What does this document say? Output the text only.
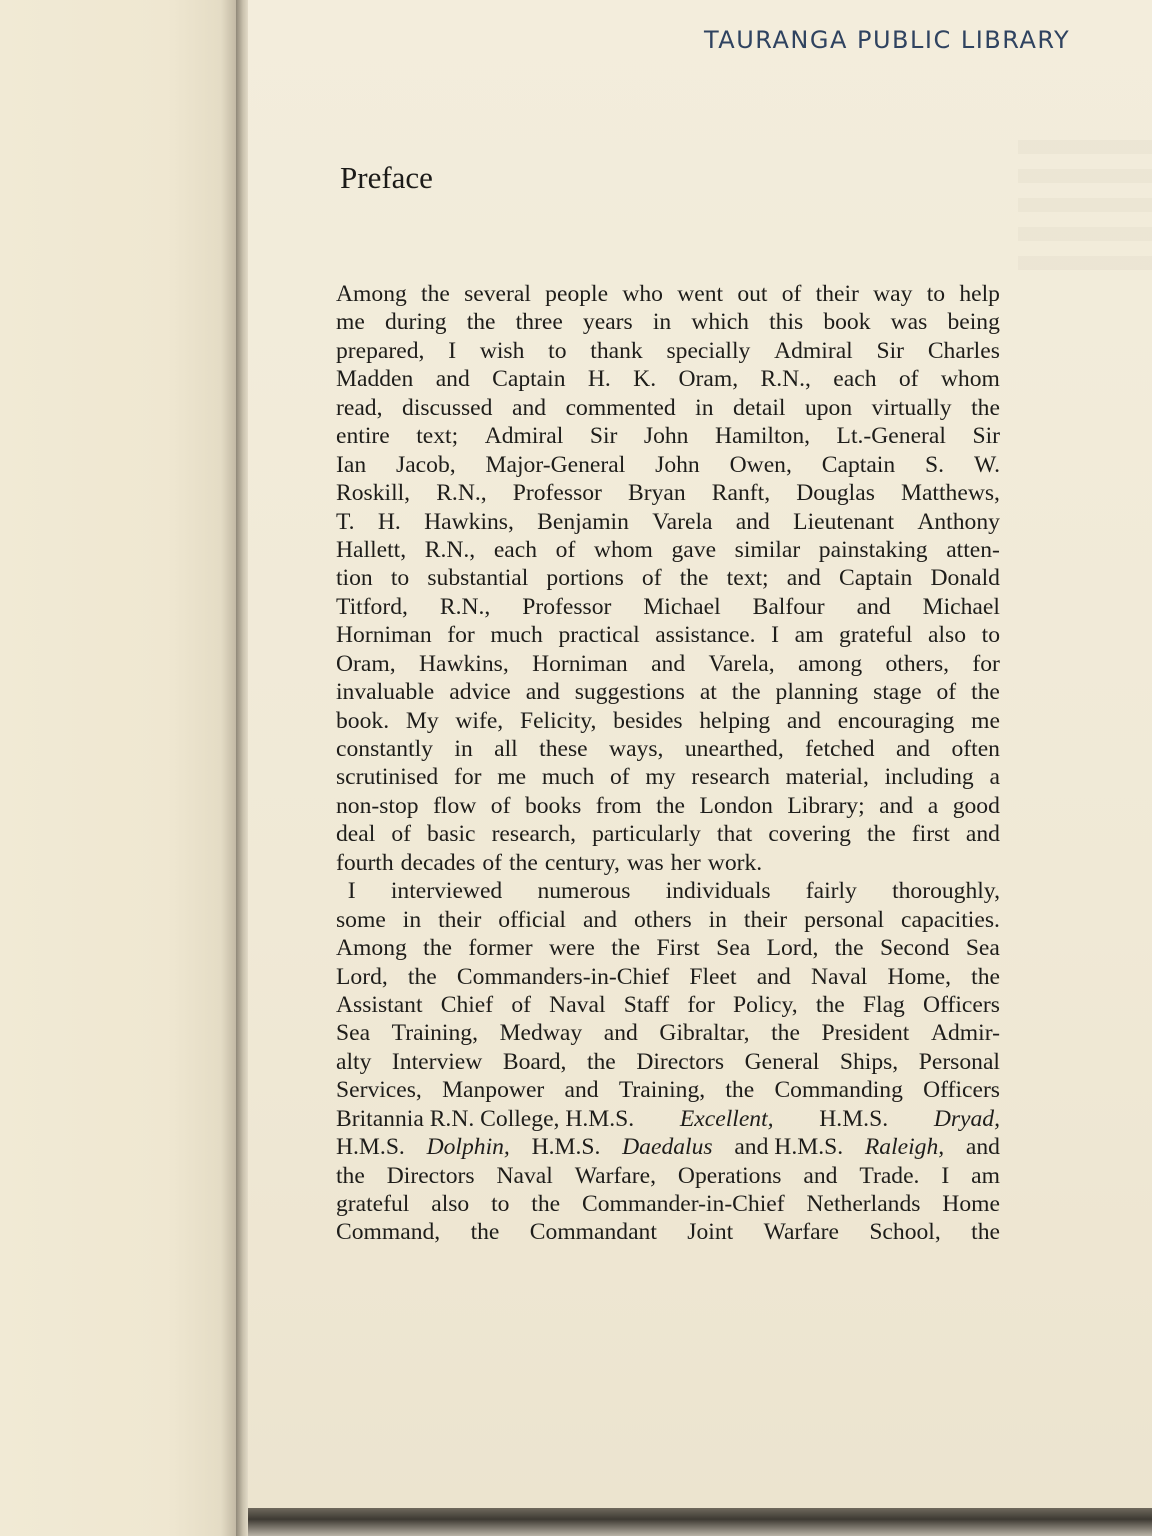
TAURANGA PUBLIC LIBRARY
Preface
Among the several people who went out of their way to help
me during the three years in which this book was being
prepared, I wish to thank specially Admiral Sir Charles
Madden and Captain H. K. Oram, R.N., each of whom
read, discussed and commented in detail upon virtually the
entire text; Admiral Sir John Hamilton, Lt.-General Sir
Ian Jacob, Major-General John Owen, Captain S. W.
Roskill, R.N., Professor Bryan Ranft, Douglas Matthews,
T. H. Hawkins, Benjamin Varela and Lieutenant Anthony
Hallett, R.N., each of whom gave similar painstaking atten-
tion to substantial portions of the text; and Captain Donald
Titford, R.N., Professor Michael Balfour and Michael
Horniman for much practical assistance. I am grateful also to
Oram, Hawkins, Horniman and Varela, among others, for
invaluable advice and suggestions at the planning stage of the
book. My wife, Felicity, besides helping and encouraging me
constantly in all these ways, unearthed, fetched and often
scrutinised for me much of my research material, including a
non-stop flow of books from the London Library; and a good
deal of basic research, particularly that covering the first and
fourth decades of the century, was her work.
I interviewed numerous individuals fairly thoroughly,
some in their official and others in their personal capacities.
Among the former were the First Sea Lord, the Second Sea
Lord, the Commanders-in-Chief Fleet and Naval Home, the
Assistant Chief of Naval Staff for Policy, the Flag Officers
Sea Training, Medway and Gibraltar, the President Admir-
alty Interview Board, the Directors General Ships, Personal
Services, Manpower and Training, the Commanding Officers
Britannia R.N. College, H.M.S. Excellent, H.M.S. Dryad,
H.M.S. Dolphin, H.M.S. Daedalus and H.M.S. Raleigh, and
the Directors Naval Warfare, Operations and Trade. I am
grateful also to the Commander-in-Chief Netherlands Home
Command, the Commandant Joint Warfare School, the
